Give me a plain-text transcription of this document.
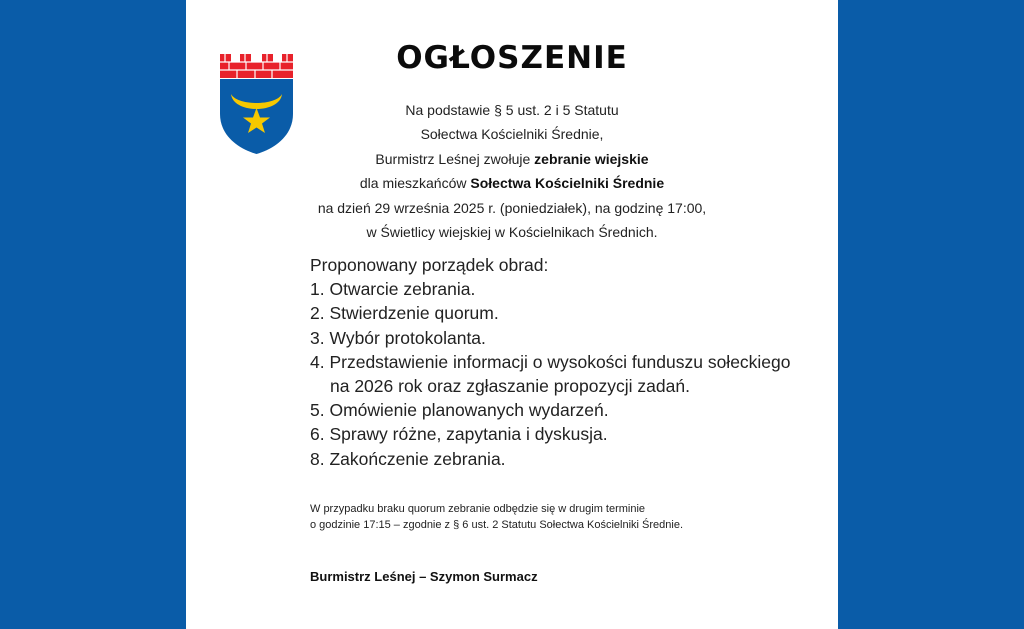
OGŁOSZENIE
Na podstawie § 5 ust. 2 i 5 Statutu
Sołectwa Kościelniki Średnie,
Burmistrz Leśnej zwołuje zebranie wiejskie
dla mieszkańców Sołectwa Kościelniki Średnie
na dzień 29 września 2025 r. (poniedziałek), na godzinę 17:00,
w Świetlicy wiejskiej w Kościelnikach Średnich.
Proponowany porządek obrad:
1. Otwarcie zebrania.
2. Stwierdzenie quorum.
3. Wybór protokolanta.
4. Przedstawienie informacji o wysokości funduszu sołeckiego
na 2026 rok oraz zgłaszanie propozycji zadań.
5. Omówienie planowanych wydarzeń.
6. Sprawy różne, zapytania i dyskusja.
8. Zakończenie zebrania.
W przypadku braku quorum zebranie odbędzie się w drugim terminie
o godzinie 17:15 – zgodnie z § 6 ust. 2 Statutu Sołectwa Kościelniki Średnie.
Burmistrz Leśnej – Szymon Surmacz
